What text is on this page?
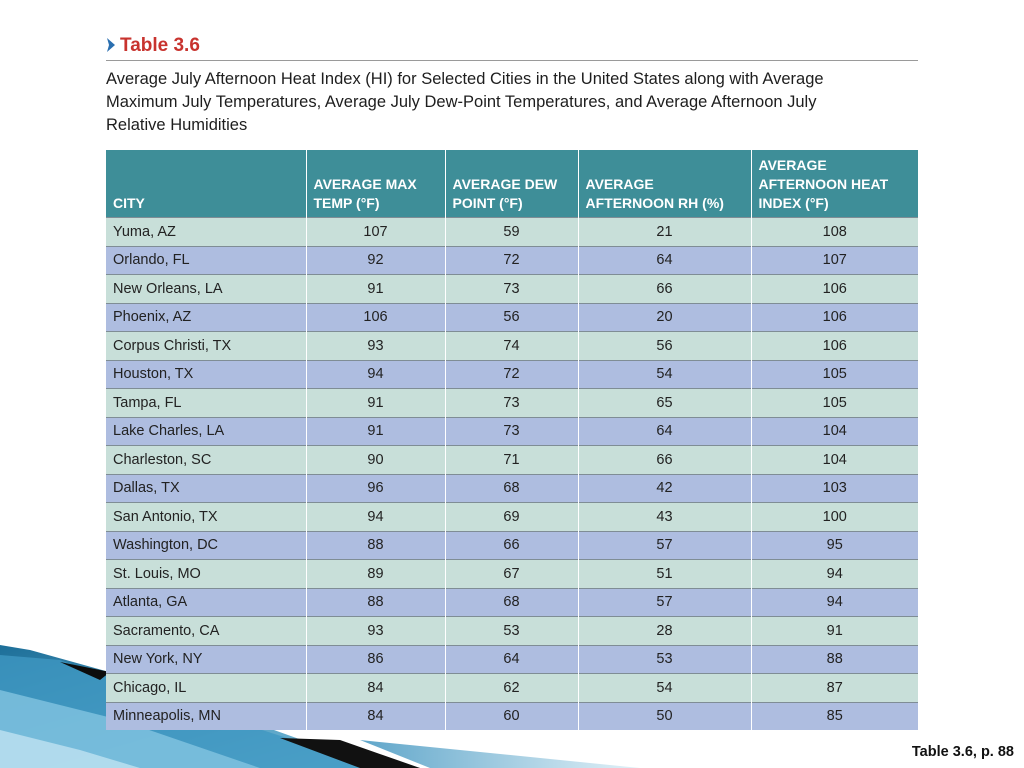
Table 3.6
Average July Afternoon Heat Index (HI) for Selected Cities in the United States along with Average Maximum July Temperatures, Average July Dew-Point Temperatures, and Average Afternoon July Relative Humidities
CITY	AVERAGE MAX TEMP (°F)	AVERAGE DEW POINT (°F)	AVERAGE AFTERNOON RH (%)	AVERAGE AFTERNOON HEAT INDEX (°F)
Yuma, AZ	107	59	21	108
Orlando, FL	92	72	64	107
New Orleans, LA	91	73	66	106
Phoenix, AZ	106	56	20	106
Corpus Christi, TX	93	74	56	106
Houston, TX	94	72	54	105
Tampa, FL	91	73	65	105
Lake Charles, LA	91	73	64	104
Charleston, SC	90	71	66	104
Dallas, TX	96	68	42	103
San Antonio, TX	94	69	43	100
Washington, DC	88	66	57	95
St. Louis, MO	89	67	51	94
Atlanta, GA	88	68	57	94
Sacramento, CA	93	53	28	91
New York, NY	86	64	53	88
Chicago, IL	84	62	54	87
Minneapolis, MN	84	60	50	85
Table 3.6, p. 88
